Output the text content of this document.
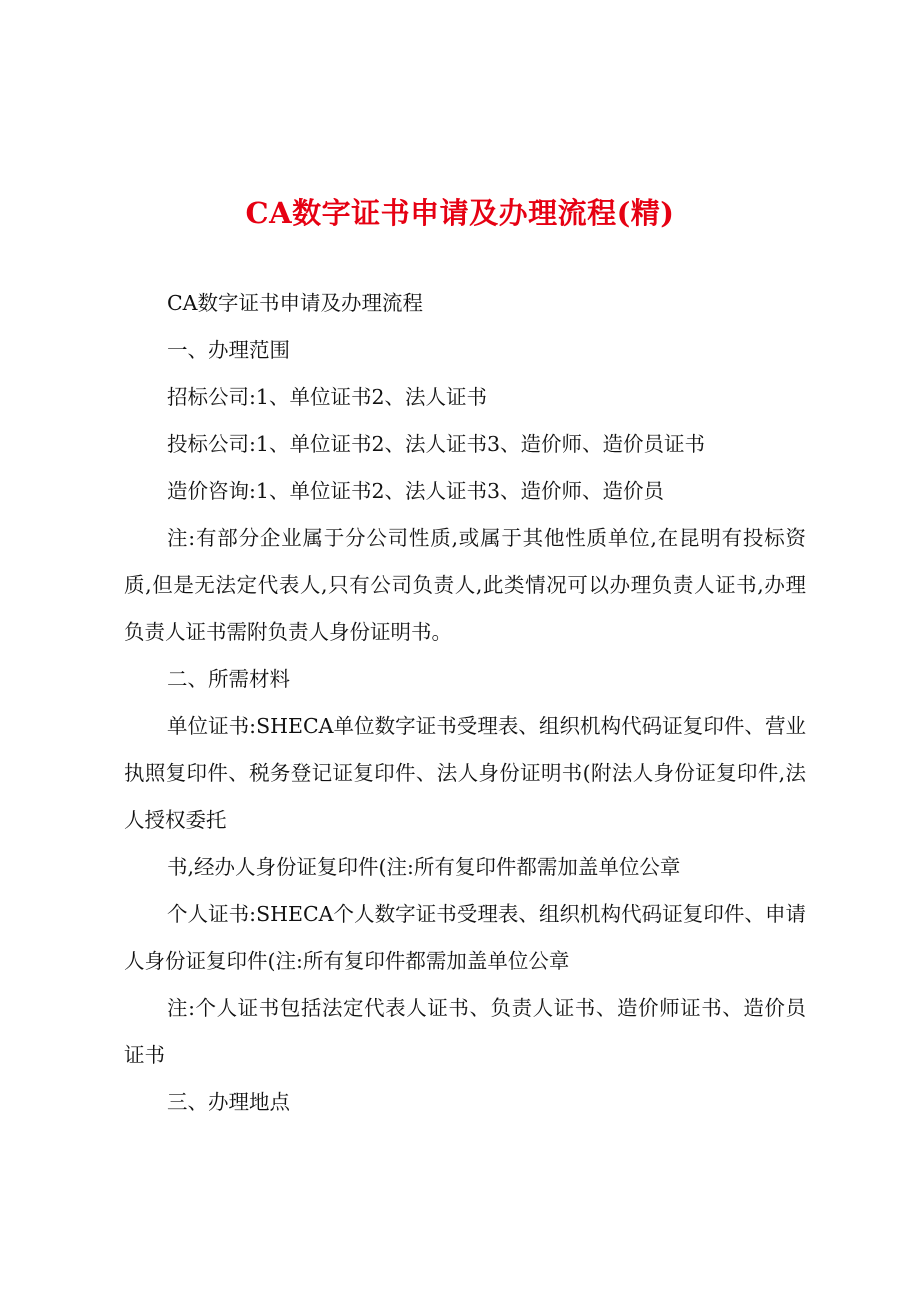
CA数字证书申请及办理流程(精)

CA数字证书申请及办理流程

一、办理范围

招标公司:1、单位证书2、法人证书

投标公司:1、单位证书2、法人证书3、造价师、造价员证书

造价咨询:1、单位证书2、法人证书3、造价师、造价员

注:有部分企业属于分公司性质,或属于其他性质单位,在昆明有投标资质,但是无法定代表人,只有公司负责人,此类情况可以办理负责人证书,办理负责人证书需附负责人身份证明书。

二、所需材料

单位证书:SHECA单位数字证书受理表、组织机构代码证复印件、营业执照复印件、税务登记证复印件、法人身份证明书(附法人身份证复印件,法人授权委托

书,经办人身份证复印件(注:所有复印件都需加盖单位公章

个人证书:SHECA个人数字证书受理表、组织机构代码证复印件、申请人身份证复印件(注:所有复印件都需加盖单位公章

注:个人证书包括法定代表人证书、负责人证书、造价师证书、造价员证书

三、办理地点
